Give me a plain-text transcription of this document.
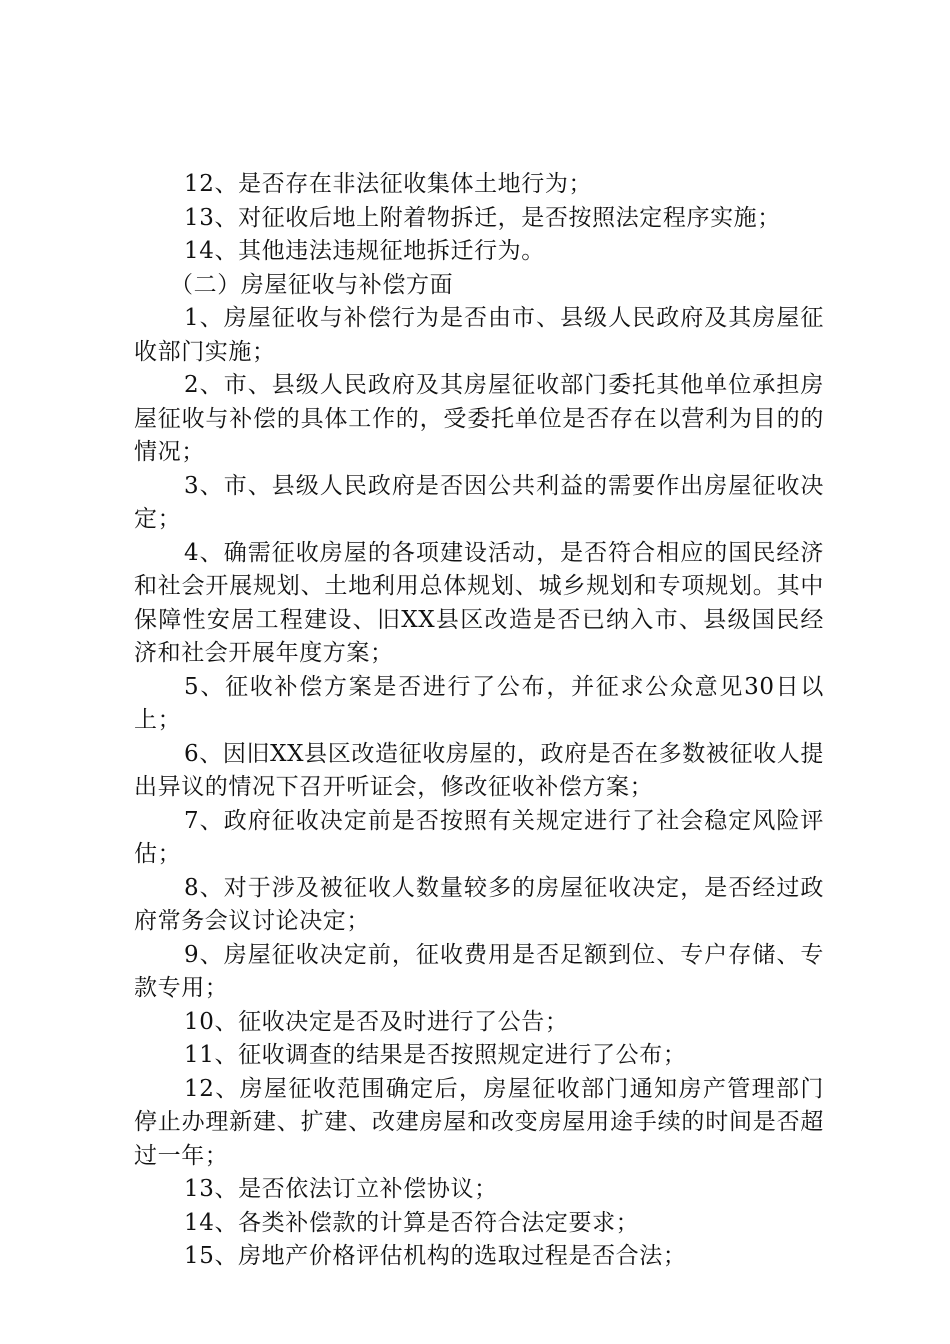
12、是否存在非法征收集体土地行为；

13、对征收后地上附着物拆迁，是否按照法定程序实施；

14、其他违法违规征地拆迁行为。

（二）房屋征收与补偿方面

1、房屋征收与补偿行为是否由市、县级人民政府及其房屋征收部门实施；

2、市、县级人民政府及其房屋征收部门委托其他单位承担房屋征收与补偿的具体工作的，受委托单位是否存在以营利为目的的情况；

3、市、县级人民政府是否因公共利益的需要作出房屋征收决定；

4、确需征收房屋的各项建设活动，是否符合相应的国民经济和社会开展规划、土地利用总体规划、城乡规划和专项规划。其中保障性安居工程建设、旧XX县区改造是否已纳入市、县级国民经济和社会开展年度方案；

5、征收补偿方案是否进行了公布，并征求公众意见30日以上；

6、因旧XX县区改造征收房屋的，政府是否在多数被征收人提出异议的情况下召开听证会，修改征收补偿方案；

7、政府征收决定前是否按照有关规定进行了社会稳定风险评估；

8、对于涉及被征收人数量较多的房屋征收决定，是否经过政府常务会议讨论决定；

9、房屋征收决定前，征收费用是否足额到位、专户存储、专款专用；

10、征收决定是否及时进行了公告；

11、征收调查的结果是否按照规定进行了公布；

12、房屋征收范围确定后，房屋征收部门通知房产管理部门停止办理新建、扩建、改建房屋和改变房屋用途手续的时间是否超过一年；

13、是否依法订立补偿协议；

14、各类补偿款的计算是否符合法定要求；

15、房地产价格评估机构的选取过程是否合法；
